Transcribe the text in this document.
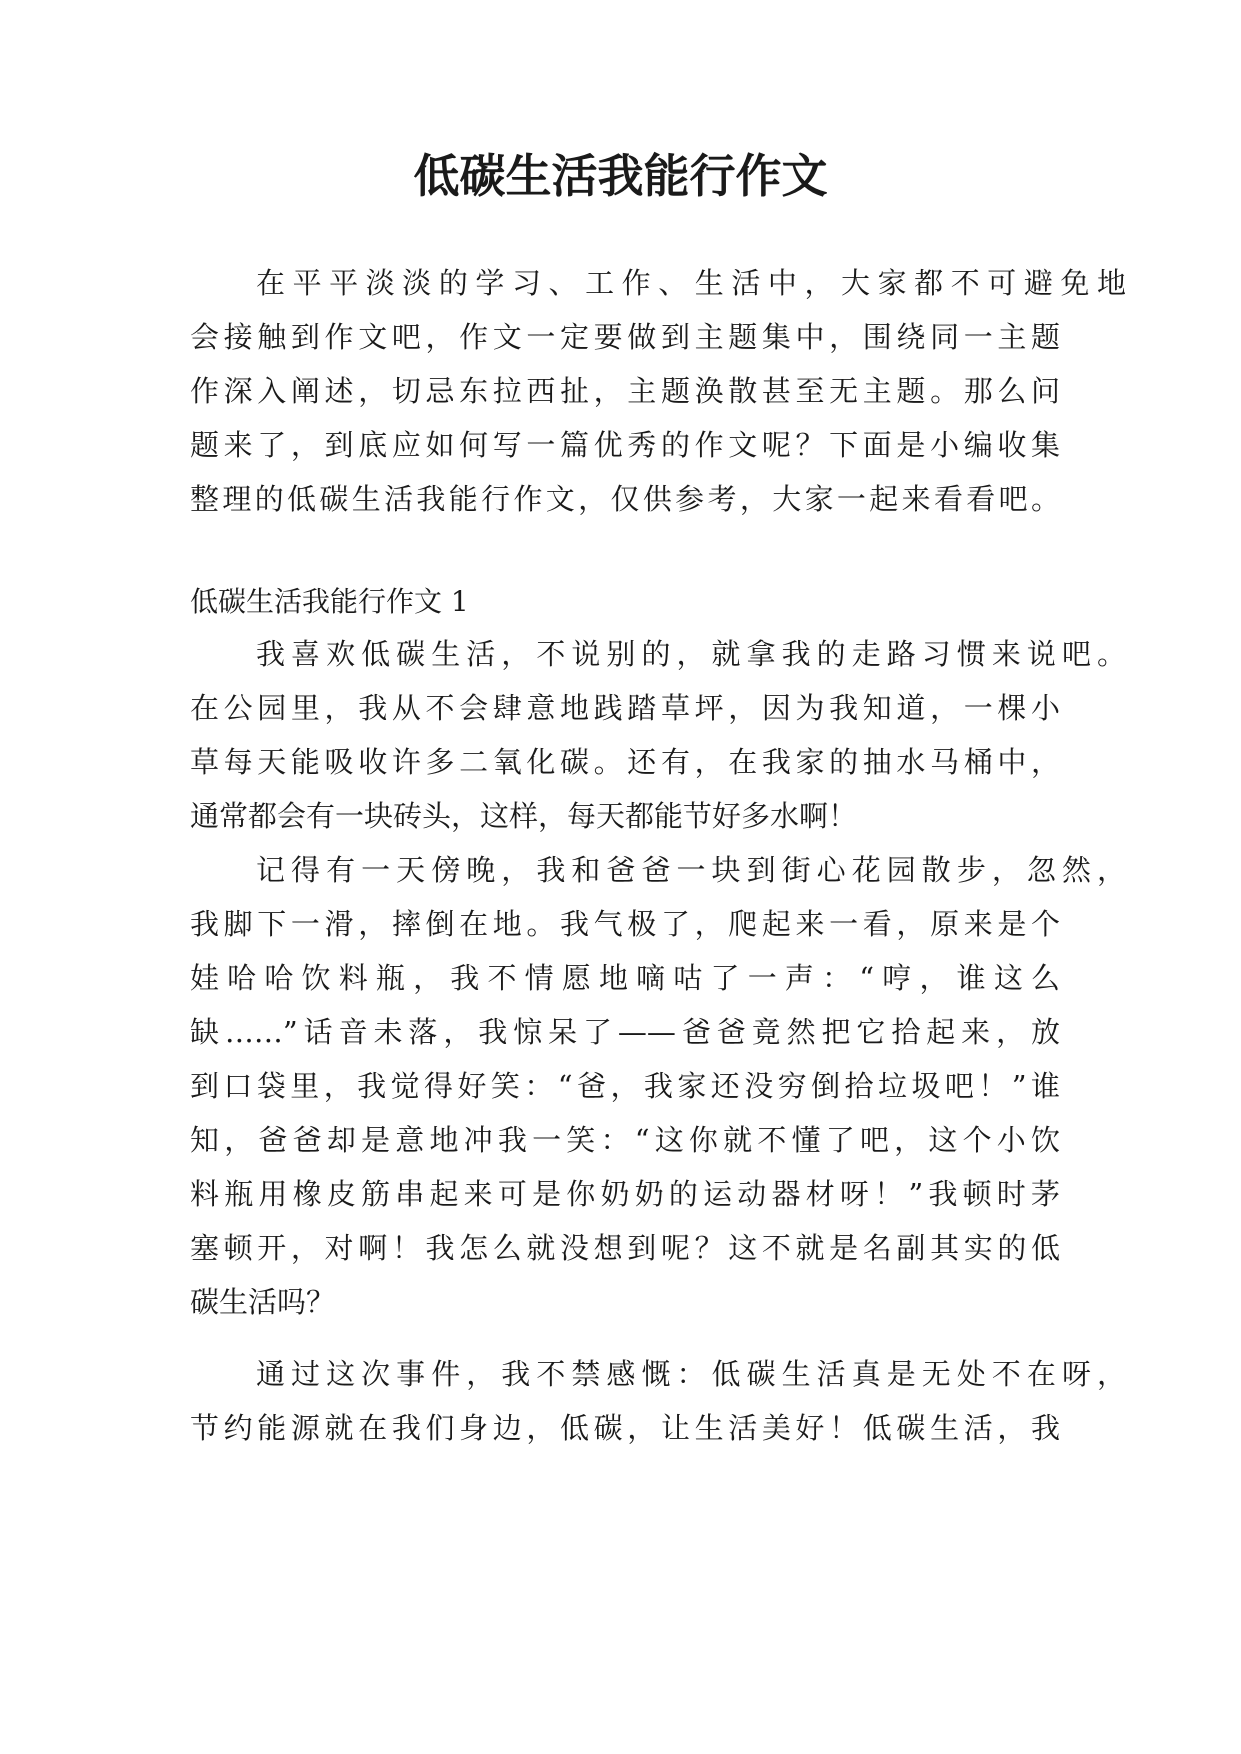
低碳生活我能行作文

在平平淡淡的学习、工作、生活中，大家都不可避免地

会接触到作文吧，作文一定要做到主题集中，围绕同一主题

作深入阐述，切忌东拉西扯，主题涣散甚至无主题。那么问

题来了，到底应如何写一篇优秀的作文呢？下面是小编收集

整理的低碳生活我能行作文，仅供参考，大家一起来看看吧。

低碳生活我能行作文 1

我喜欢低碳生活，不说别的，就拿我的走路习惯来说吧。

在公园里，我从不会肆意地践踏草坪，因为我知道，一棵小

草每天能吸收许多二氧化碳。还有，在我家的抽水马桶中，

通常都会有一块砖头，这样，每天都能节好多水啊！

记得有一天傍晚，我和爸爸一块到街心花园散步，忽然，

我脚下一滑，摔倒在地。我气极了，爬起来一看，原来是个

娃哈哈饮料瓶，我不情愿地嘀咕了一声：“哼，谁这么

缺……”话音未落，我惊呆了——爸爸竟然把它拾起来，放

到口袋里，我觉得好笑：“爸，我家还没穷倒拾垃圾吧！”谁

知，爸爸却是意地冲我一笑：“这你就不懂了吧，这个小饮

料瓶用橡皮筋串起来可是你奶奶的运动器材呀！”我顿时茅

塞顿开，对啊！我怎么就没想到呢？这不就是名副其实的低

碳生活吗？

通过这次事件，我不禁感慨：低碳生活真是无处不在呀，

节约能源就在我们身边，低碳，让生活美好！低碳生活，我
